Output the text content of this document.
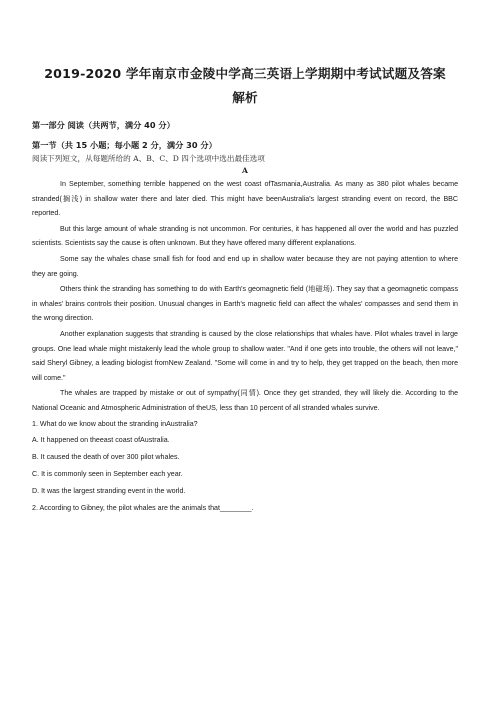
2019-2020 学年南京市金陵中学高三英语上学期期中考试试题及答案
解析
第一部分 阅读（共两节，满分 40 分）
第一节（共 15 小题；每小题 2 分，满分 30 分）
阅读下列短文，从每题所给的 A、B、C、D 四个选项中选出最佳选项
A

In September, something terrible happened on the west coast ofTasmania,Australia. As many as 380 pilot whales became stranded(搁浅) in shallow water there and later died. This might have beenAustralia's largest stranding event on record, the BBC reported.

But this large amount of whale stranding is not uncommon. For centuries, it has happened all over the world and has puzzled scientists. Scientists say the cause is often unknown. But they have offered many different explanations.

Some say the whales chase small fish for food and end up in shallow water because they are not paying attention to where they are going.

Others think the stranding has something to do with Earth's geomagnetic field (地磁场). They say that a geomagnetic compass in whales' brains controls their position. Unusual changes in Earth's magnetic field can affect the whales' compasses and send them in the wrong direction.

Another explanation suggests that stranding is caused by the close relationships that whales have. Pilot whales travel in large groups. One lead whale might mistakenly lead the whole group to shallow water. "And if one gets into trouble, the others will not leave," said Sheryl Gibney, a leading biologist fromNew Zealand. "Some will come in and try to help, they get trapped on the beach, then more will come."

The whales are trapped by mistake or out of sympathy(同情). Once they get stranded, they will likely die. According to the National Oceanic and Atmospheric Administration of theUS, less than 10 percent of all stranded whales survive.

1. What do we know about the stranding inAustralia?

A. It happened on theeast coast ofAustralia.

B. It caused the death of over 300 pilot whales.

C. It is commonly seen in September each year.

D. It was the largest stranding event in the world.

2. According to Gibney, the pilot whales are the animals that________.
